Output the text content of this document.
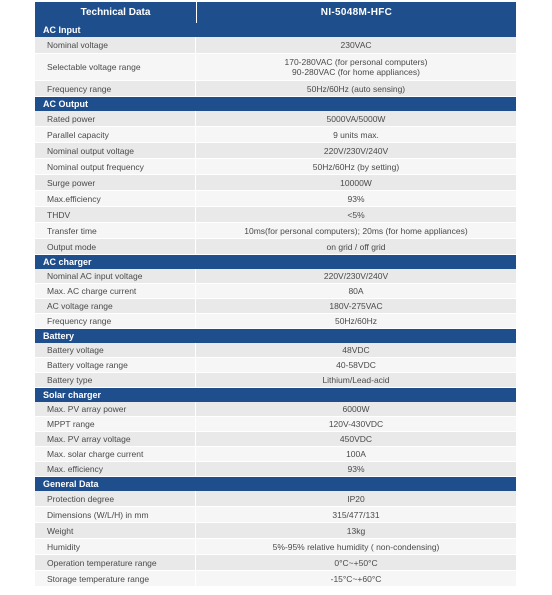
Technical Data	NI-5048M-HFC
AC Input
Nominal voltage	230VAC
Selectable voltage range	170-280VAC (for personal computers)
90-280VAC (for home appliances)
Frequency range	50Hz/60Hz (auto sensing)
AC Output
Rated power	5000VA/5000W
Parallel capacity	9 units max.
Nominal output voltage	220V/230V/240V
Nominal output frequency	50Hz/60Hz (by setting)
Surge power	10000W
Max.efficiency	93%
THDV	<5%
Transfer time	10ms(for personal computers); 20ms (for home appliances)
Output mode	on grid / off grid
AC charger
Nominal AC input voltage	220V/230V/240V
Max. AC charge current	80A
AC voltage range	180V-275VAC
Frequency range	50Hz/60Hz
Battery
Battery voltage	48VDC
Battery voltage range	40-58VDC
Battery type	Lithium/Lead-acid
Solar charger
Max. PV array power	6000W
MPPT range	120V-430VDC
Max. PV array voltage	450VDC
Max. solar charge current	100A
Max. efficiency	93%
General Data
Protection degree	IP20
Dimensions (W/L/H) in mm	315/477/131
Weight	13kg
Humidity	5%-95% relative humidity ( non-condensing)
Operation temperature range	0°C~+50°C
Storage temperature range	-15°C~+60°C
